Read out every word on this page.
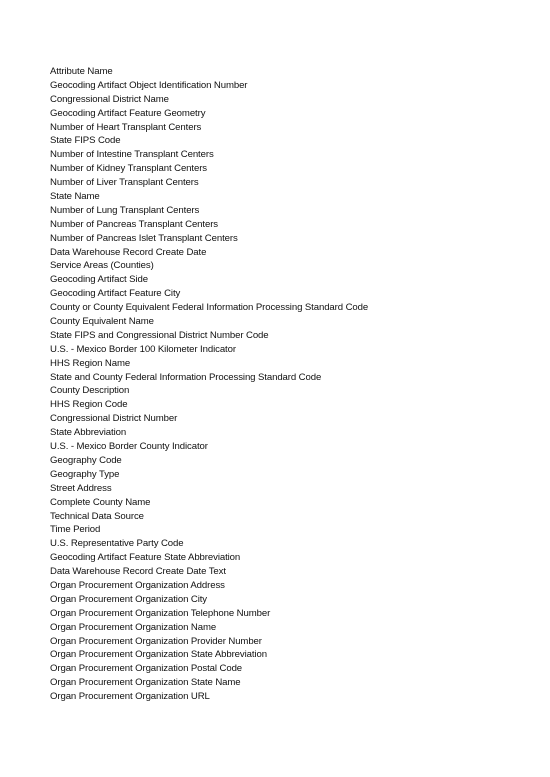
Attribute Name
Geocoding Artifact Object Identification Number
Congressional District Name
Geocoding Artifact Feature Geometry
Number of Heart Transplant Centers
State FIPS Code
Number of Intestine Transplant Centers
Number of Kidney Transplant Centers
Number of Liver Transplant Centers
State Name
Number of Lung Transplant Centers
Number of Pancreas Transplant Centers
Number of Pancreas Islet Transplant Centers
Data Warehouse Record Create Date
Service Areas (Counties)
Geocoding Artifact Side
Geocoding Artifact Feature City
County or County Equivalent Federal Information Processing Standard Code
County Equivalent Name
State FIPS and Congressional District Number Code
U.S. - Mexico Border 100 Kilometer Indicator
HHS Region Name
State and County Federal Information Processing Standard Code
County Description
HHS Region Code
Congressional District Number
State Abbreviation
U.S. - Mexico Border County Indicator
Geography Code
Geography Type
Street Address
Complete County Name
Technical Data Source
Time Period
U.S. Representative Party Code
Geocoding Artifact Feature State Abbreviation
Data Warehouse Record Create Date Text
Organ Procurement Organization Address
Organ Procurement Organization City
Organ Procurement Organization Telephone Number
Organ Procurement Organization Name
Organ Procurement Organization Provider Number
Organ Procurement Organization State Abbreviation
Organ Procurement Organization Postal Code
Organ Procurement Organization State Name
Organ Procurement Organization URL
